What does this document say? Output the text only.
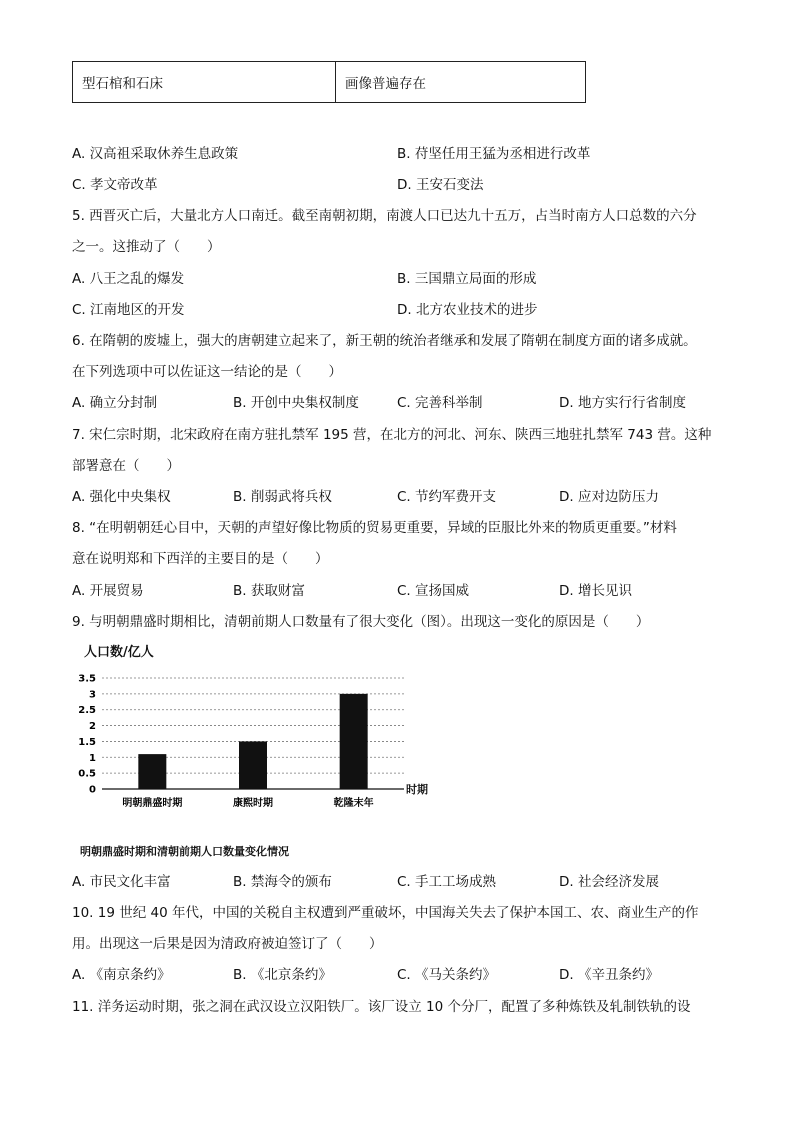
型石棺和石床	画像普遍存在
A. 汉高祖采取休养生息政策	B. 苻坚任用王猛为丞相进行改革
C. 孝文帝改革	D. 王安石变法
5. 西晋灭亡后，大量北方人口南迁。截至南朝初期，南渡人口已达九十五万，占当时南方人口总数的六分
之一。这推动了（　　）
A. 八王之乱的爆发	B. 三国鼎立局面的形成
C. 江南地区的开发	D. 北方农业技术的进步
6. 在隋朝的废墟上，强大的唐朝建立起来了，新王朝的统治者继承和发展了隋朝在制度方面的诸多成就。
在下列选项中可以佐证这一结论的是（　　）
A. 确立分封制	B. 开创中央集权制度	C. 完善科举制	D. 地方实行行省制度
7. 宋仁宗时期，北宋政府在南方驻扎禁军 195 营，在北方的河北、河东、陕西三地驻扎禁军 743 营。这种
部署意在（　　）
A. 强化中央集权	B. 削弱武将兵权	C. 节约军费开支	D. 应对边防压力
8. “在明朝朝廷心目中，天朝的声望好像比物质的贸易更重要，异域的臣服比外来的物质更重要。”材料
意在说明郑和下西洋的主要目的是（　　）
A. 开展贸易	B. 获取财富	C. 宣扬国威	D. 增长见识
9. 与明朝鼎盛时期相比，清朝前期人口数量有了很大变化（图）。出现这一变化的原因是（　　）
人口数/亿人
0
0.5
1
1.5
2
2.5
3
3.5
明朝鼎盛时期	康熙时期	乾隆末年
时期
明朝鼎盛时期和清朝前期人口数量变化情况
A. 市民文化丰富	B. 禁海令的颁布	C. 手工工场成熟	D. 社会经济发展
10. 19 世纪 40 年代，中国的关税自主权遭到严重破坏，中国海关失去了保护本国工、农、商业生产的作
用。出现这一后果是因为清政府被迫签订了（　　）
A. 《南京条约》	B. 《北京条约》	C. 《马关条约》	D. 《辛丑条约》
11. 洋务运动时期，张之洞在武汉设立汉阳铁厂。该厂设立 10 个分厂，配置了多种炼铁及轧制铁轨的设
